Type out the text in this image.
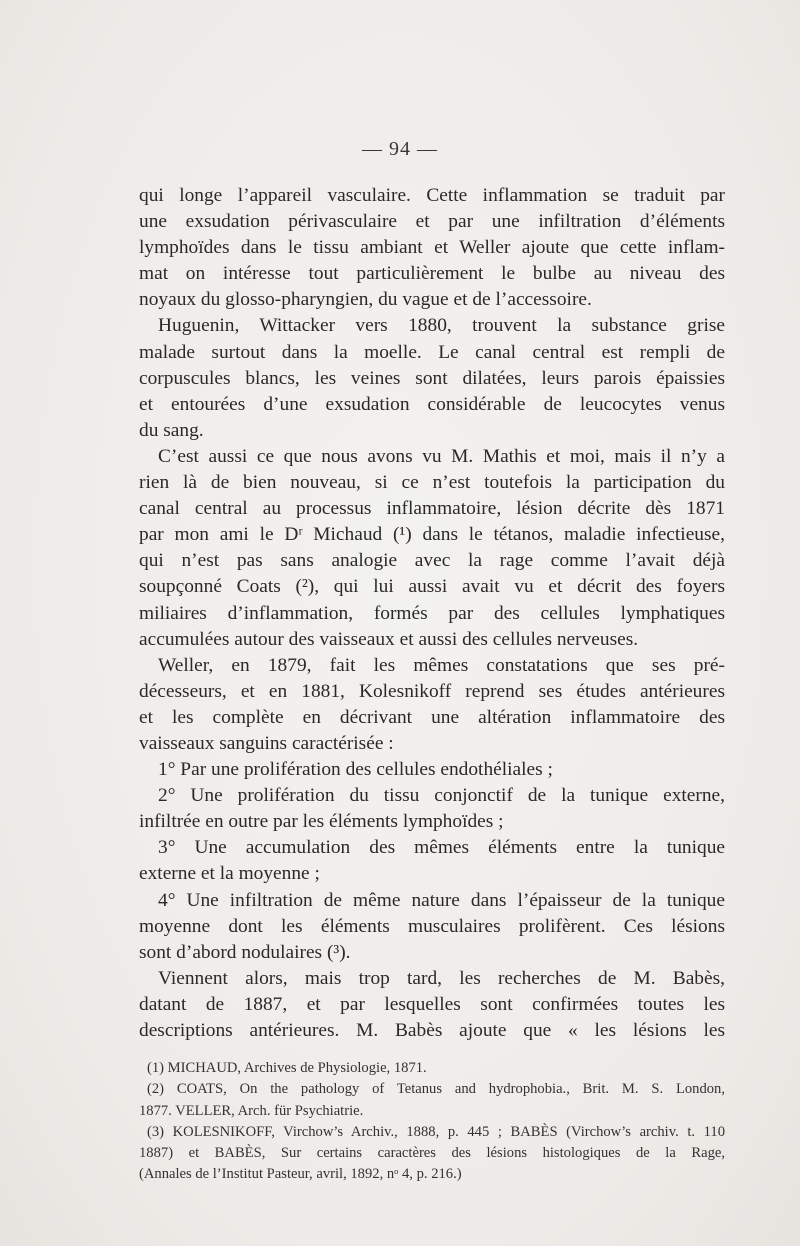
— 94 —
qui longe l’appareil vasculaire. Cette inflammation se traduit par
une exsudation périvasculaire et par une infiltration d’éléments
lymphoïdes dans le tissu ambiant et Weller ajoute que cette inflam-
mat on intéresse tout particulièrement le bulbe au niveau des
noyaux du glosso-pharyngien, du vague et de l’accessoire.
Huguenin, Wittacker vers 1880, trouvent la substance grise
malade surtout dans la moelle. Le canal central est rempli de
corpuscules blancs, les veines sont dilatées, leurs parois épaissies
et entourées d’une exsudation considérable de leucocytes venus
du sang.
C’est aussi ce que nous avons vu M. Mathis et moi, mais il n’y a
rien là de bien nouveau, si ce n’est toutefois la participation du
canal central au processus inflammatoire, lésion décrite dès 1871
par mon ami le Dʳ Michaud (¹) dans le tétanos, maladie infectieuse,
qui n’est pas sans analogie avec la rage comme l’avait déjà
soupçonné Coats (²), qui lui aussi avait vu et décrit des foyers
miliaires d’inflammation, formés par des cellules lymphatiques
accumulées autour des vaisseaux et aussi des cellules nerveuses.
Weller, en 1879, fait les mêmes constatations que ses pré-
décesseurs, et en 1881, Kolesnikoff reprend ses études antérieures
et les complète en décrivant une altération inflammatoire des
vaisseaux sanguins caractérisée :
1° Par une prolifération des cellules endothéliales ;
2° Une prolifération du tissu conjonctif de la tunique externe,
infiltrée en outre par les éléments lymphoïdes ;
3° Une accumulation des mêmes éléments entre la tunique
externe et la moyenne ;
4° Une infiltration de même nature dans l’épaisseur de la tunique
moyenne dont les éléments musculaires prolifèrent. Ces lésions
sont d’abord nodulaires (³).
Viennent alors, mais trop tard, les recherches de M. Babès,
datant de 1887, et par lesquelles sont confirmées toutes les
descriptions antérieures. M. Babès ajoute que « les lésions les
(1) MICHAUD, Archives de Physiologie, 1871.
(2) COATS, On the pathology of Tetanus and hydrophobia., Brit. M. S. London,
1877. VELLER, Arch. für Psychiatrie.
(3) KOLESNIKOFF, Virchow’s Archiv., 1888, p. 445 ; BABÈS (Virchow’s archiv. t. 110
1887) et BABÈS, Sur certains caractères des lésions histologiques de la Rage,
(Annales de l’Institut Pasteur, avril, 1892, nᵒ 4, p. 216.)
